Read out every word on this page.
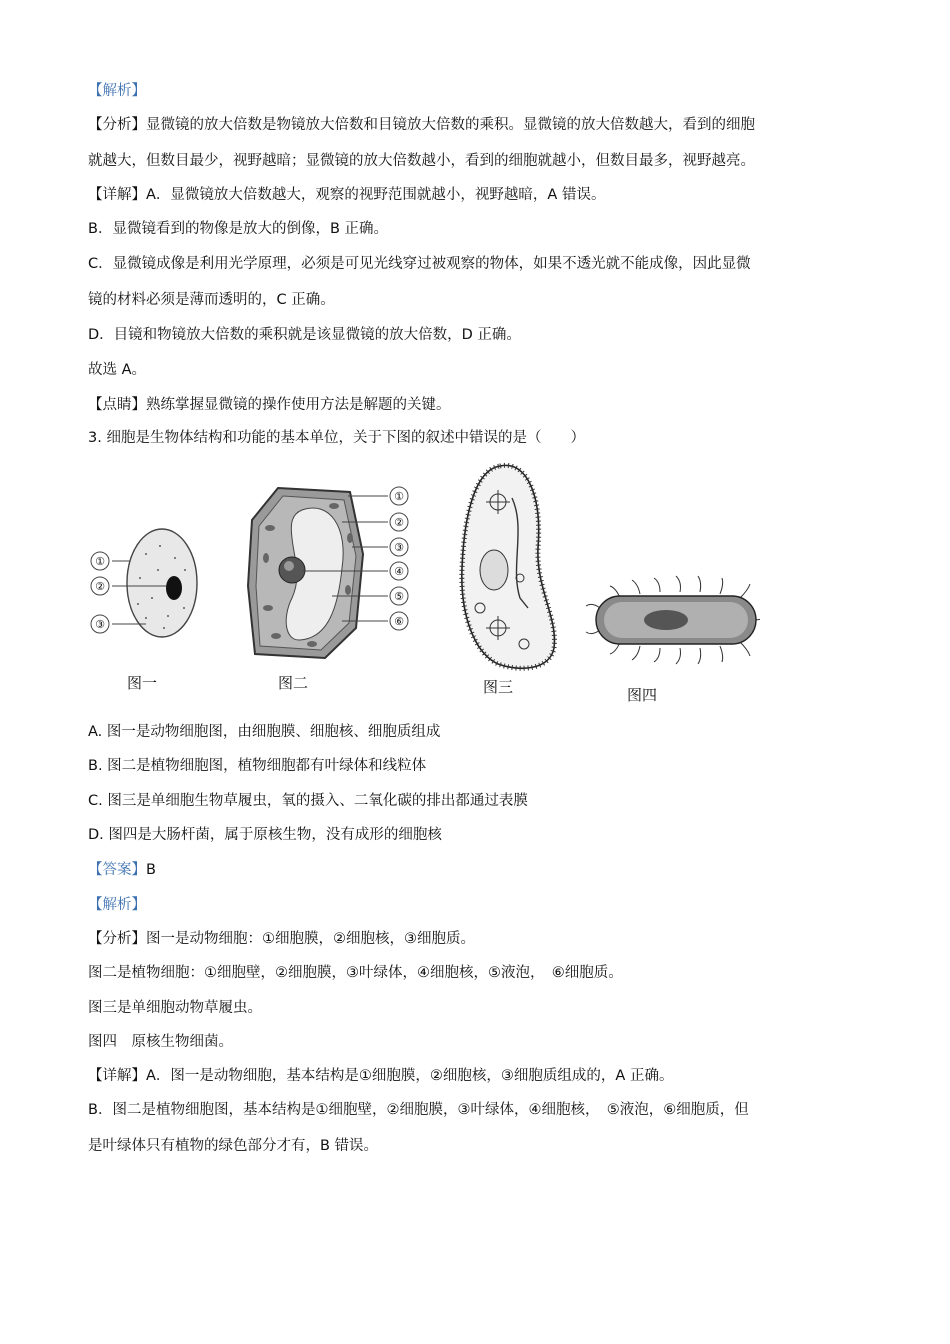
【解析】
【分析】显微镜的放大倍数是物镜放大倍数和目镜放大倍数的乘积。显微镜的放大倍数越大，看到的细胞
就越大，但数目最少，视野越暗；显微镜的放大倍数越小，看到的细胞就越小，但数目最多，视野越亮。
【详解】A．显微镜放大倍数越大，观察的视野范围就越小，视野越暗，A 错误。
B．显微镜看到的物像是放大的倒像，B 正确。
C．显微镜成像是利用光学原理，必须是可见光线穿过被观察的物体，如果不透光就不能成像，因此显微
镜的材料必须是薄而透明的，C 正确。
D．目镜和物镜放大倍数的乘积就是该显微镜的放大倍数，D 正确。
故选 A。
【点睛】熟练掌握显微镜的操作使用方法是解题的关键。
3. 细胞是生物体结构和功能的基本单位，关于下图的叙述中错误的是（　　）
①
②
③
图一
①
②
③
④
⑤
⑥
图二	图三	图四
A. 图一是动物细胞图，由细胞膜、细胞核、细胞质组成
B. 图二是植物细胞图，植物细胞都有叶绿体和线粒体
C. 图三是单细胞生物草履虫，氧的摄入、二氧化碳的排出都通过表膜
D. 图四是大肠杆菌，属于原核生物，没有成形的细胞核
【答案】B
【解析】
【分析】图一是动物细胞：①细胞膜，②细胞核，③细胞质。
图二是植物细胞：①细胞壁，②细胞膜，③叶绿体，④细胞核，⑤液泡，　⑥细胞质。
图三是单细胞动物草履虫。
图四　原核生物细菌。
【详解】A．图一是动物细胞，基本结构是①细胞膜，②细胞核，③细胞质组成的，A 正确。
B．图二是植物细胞图，基本结构是①细胞壁，②细胞膜，③叶绿体，④细胞核，　⑤液泡，⑥细胞质，但
是叶绿体只有植物的绿色部分才有，B 错误。
